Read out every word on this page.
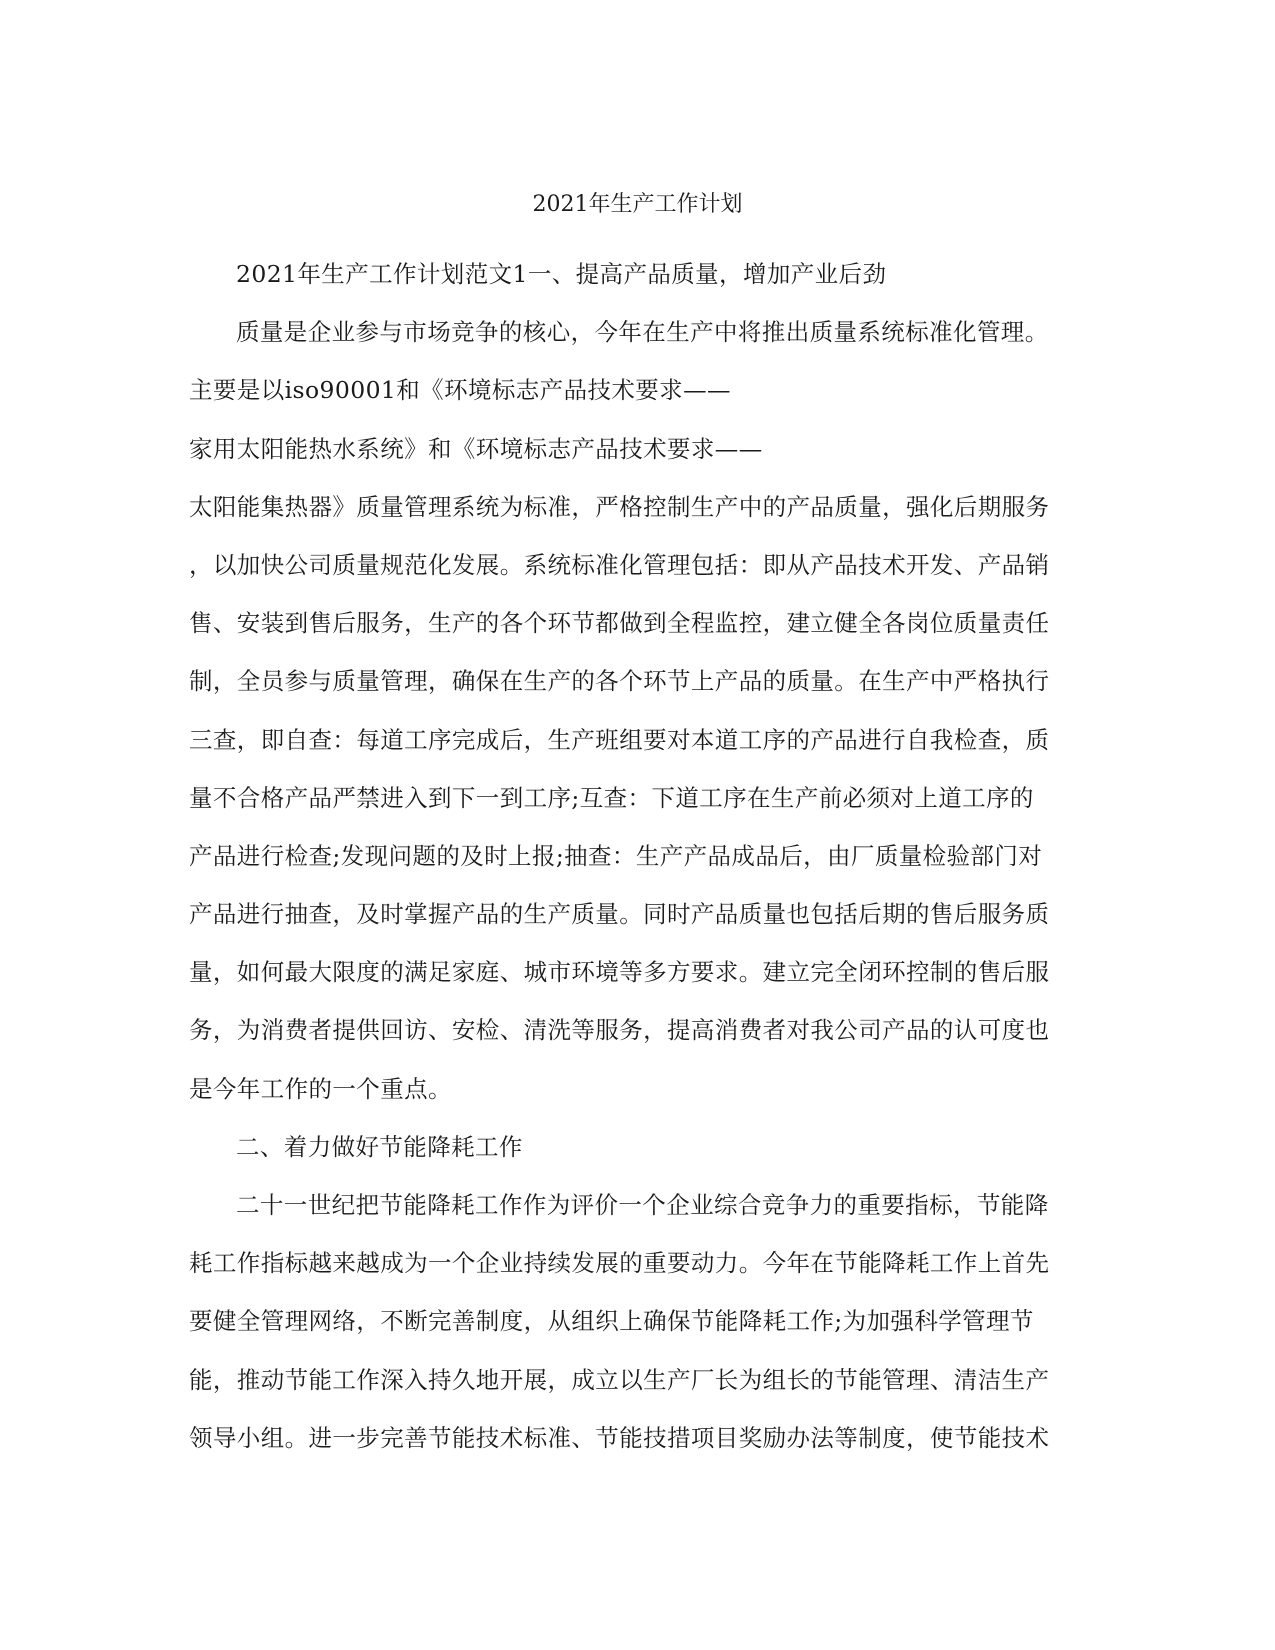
2021年生产工作计划
2021年生产工作计划范文1一、提高产品质量，增加产业后劲
质量是企业参与市场竞争的核心，今年在生产中将推出质量系统标准化管理。
主要是以iso90001和《环境标志产品技术要求——
家用太阳能热水系统》和《环境标志产品技术要求——
太阳能集热器》质量管理系统为标准，严格控制生产中的产品质量，强化后期服务
，以加快公司质量规范化发展。系统标准化管理包括：即从产品技术开发、产品销
售、安装到售后服务，生产的各个环节都做到全程监控，建立健全各岗位质量责任
制，全员参与质量管理，确保在生产的各个环节上产品的质量。在生产中严格执行
三查，即自查：每道工序完成后，生产班组要对本道工序的产品进行自我检查，质
量不合格产品严禁进入到下一到工序;互查：下道工序在生产前必须对上道工序的
产品进行检查;发现问题的及时上报;抽查：生产产品成品后，由厂质量检验部门对
产品进行抽查，及时掌握产品的生产质量。同时产品质量也包括后期的售后服务质
量，如何最大限度的满足家庭、城市环境等多方要求。建立完全闭环控制的售后服
务，为消费者提供回访、安检、清洗等服务，提高消费者对我公司产品的认可度也
是今年工作的一个重点。
二、着力做好节能降耗工作
二十一世纪把节能降耗工作作为评价一个企业综合竞争力的重要指标，节能降
耗工作指标越来越成为一个企业持续发展的重要动力。今年在节能降耗工作上首先
要健全管理网络，不断完善制度，从组织上确保节能降耗工作;为加强科学管理节
能，推动节能工作深入持久地开展，成立以生产厂长为组长的节能管理、清洁生产
领导小组。进一步完善节能技术标准、节能技措项目奖励办法等制度，使节能技术
